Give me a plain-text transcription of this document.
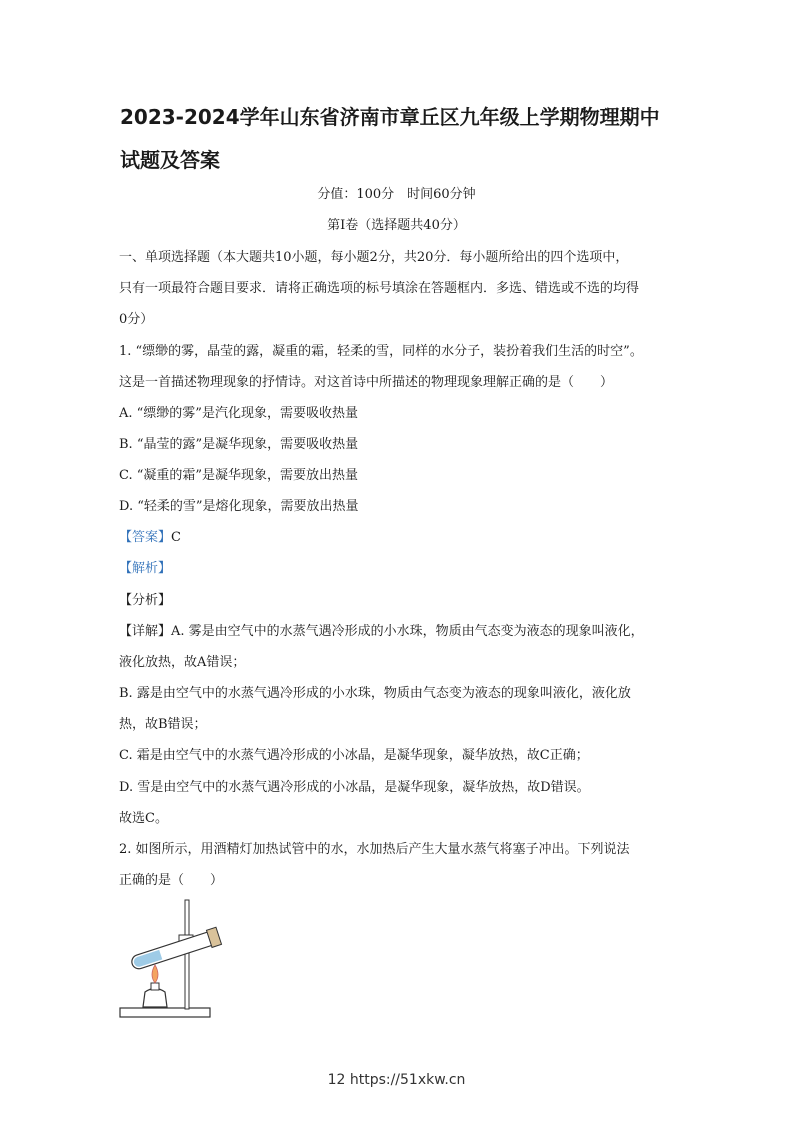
2023-2024学年山东省济南市章丘区九年级上学期物理期中
试题及答案
分值：100分　时间60分钟
第Ⅰ卷（选择题共40分）
一、单项选择题（本大题共10小题，每小题2分，共20分．每小题所给出的四个选项中，
只有一项最符合题目要求．请将正确选项的标号填涂在答题框内．多选、错选或不选的均得
0分）
1. “缥缈的雾，晶莹的露，凝重的霜，轻柔的雪，同样的水分子，装扮着我们生活的时空”。
这是一首描述物理现象的抒情诗。对这首诗中所描述的物理现象理解正确的是（　　）
A. “缥缈的雾”是汽化现象，需要吸收热量
B. “晶莹的露”是凝华现象，需要吸收热量
C. “凝重的霜”是凝华现象，需要放出热量
D. “轻柔的雪”是熔化现象，需要放出热量
【答案】C
【解析】
【分析】
【详解】A. 雾是由空气中的水蒸气遇冷形成的小水珠，物质由气态变为液态的现象叫液化，
液化放热，故A错误；
B. 露是由空气中的水蒸气遇冷形成的小水珠，物质由气态变为液态的现象叫液化，液化放
热，故B错误；
C. 霜是由空气中的水蒸气遇冷形成的小冰晶，是凝华现象，凝华放热，故C正确；
D. 雪是由空气中的水蒸气遇冷形成的小冰晶，是凝华现象，凝华放热，故D错误。
故选C。
2. 如图所示，用酒精灯加热试管中的水，水加热后产生大量水蒸气将塞子冲出。下列说法
正确的是（　　）
12 https://51xkw.cn
